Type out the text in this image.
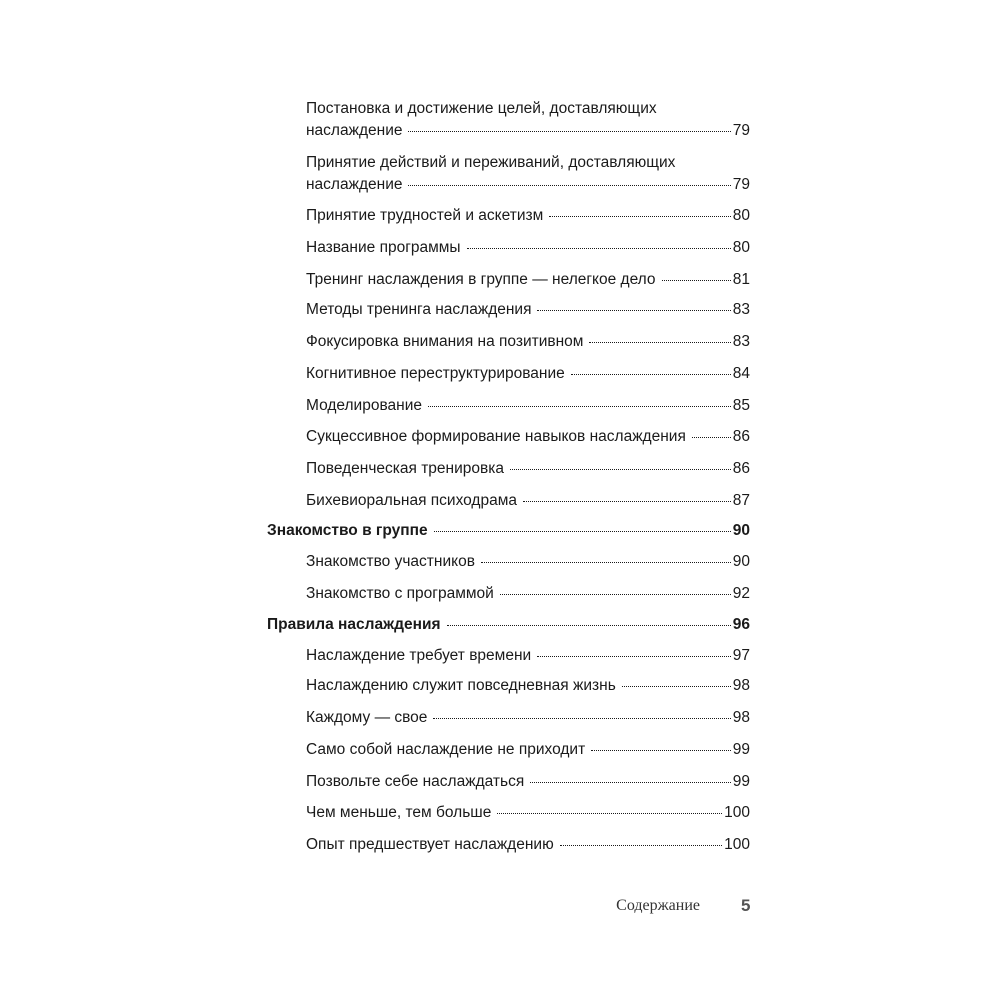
Постановка и достижение целей, доставляющих
наслаждение	79
Принятие действий и переживаний, доставляющих
наслаждение	79
Принятие трудностей и аскетизм	80
Название программы	80
Тренинг наслаждения в группе — нелегкое дело	81
Методы тренинга наслаждения	83
Фокусировка внимания на позитивном	83
Когнитивное переструктурирование	84
Моделирование	85
Сукцессивное формирование навыков наслаждения	86
Поведенческая тренировка	86
Бихевиоральная психодрама	87
Знакомство в группе	90
Знакомство участников	90
Знакомство с программой	92
Правила наслаждения	96
Наслаждение требует времени	97
Наслаждению служит повседневная жизнь	98
Каждому — свое	98
Само собой наслаждение не приходит	99
Позвольте себе наслаждаться	99
Чем меньше, тем больше	100
Опыт предшествует наслаждению	100
Содержание 5
